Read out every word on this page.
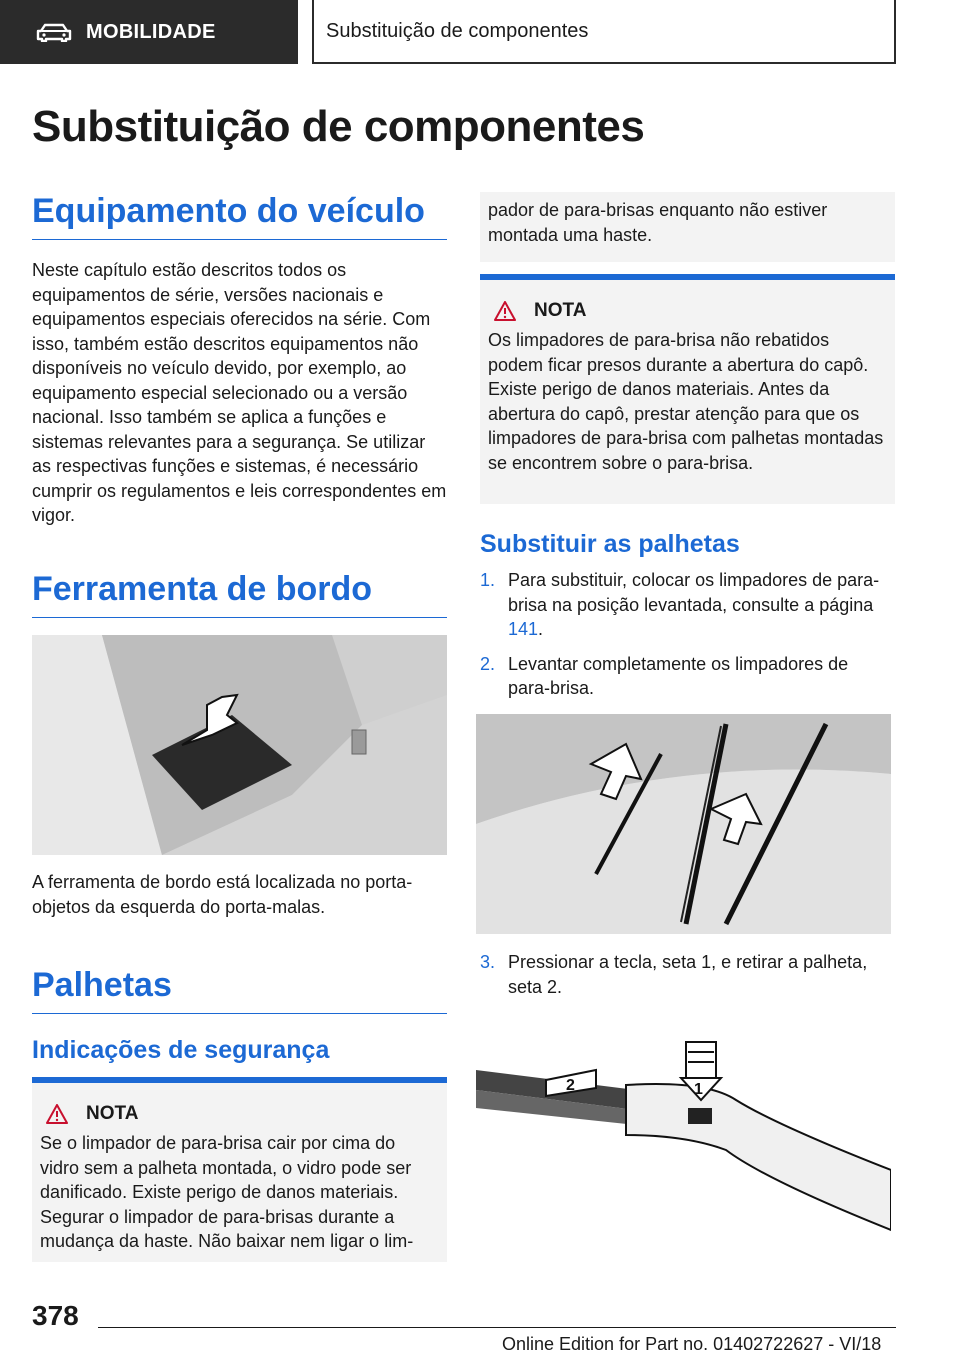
MOBILIDADE	Substituição de componentes
Substituição de componentes
Equipamento do veículo
Neste capítulo estão descritos todos os equipamentos de série, versões nacionais e equipamentos especiais oferecidos na série. Com isso, também estão descritos equipamentos não disponíveis no veículo devido, por exemplo, ao equipamento especial selecionado ou a versão nacional. Isso também se aplica a funções e sistemas relevantes para a segurança. Se utilizar as respectivas funções e sistemas, é necessário cumprir os regulamentos e leis correspondentes em vigor.
Ferramenta de bordo
A ferramenta de bordo está localizada no porta-objetos da esquerda do porta-malas.
Palhetas
Indicações de segurança
NOTA
Se o limpador de para-brisa cair por cima do vidro sem a palheta montada, o vidro pode ser danificado. Existe perigo de danos materiais. Segurar o limpador de para-brisas durante a mudança da haste. Não baixar nem ligar o lim-
pador de para-brisas enquanto não estiver montada uma haste.
NOTA
Os limpadores de para-brisa não rebatidos podem ficar presos durante a abertura do capô. Existe perigo de danos materiais. Antes da abertura do capô, prestar atenção para que os limpadores de para-brisa com palhetas montadas se encontrem sobre o para-brisa.
Substituir as palhetas
1. Para substituir, colocar os limpadores de para-brisa na posição levantada, consulte a página 141.
2. Levantar completamente os limpadores de para-brisa.
3. Pressionar a tecla, seta 1, e retirar a palheta, seta 2.
1
2
378
Online Edition for Part no. 01402722627 - VI/18
